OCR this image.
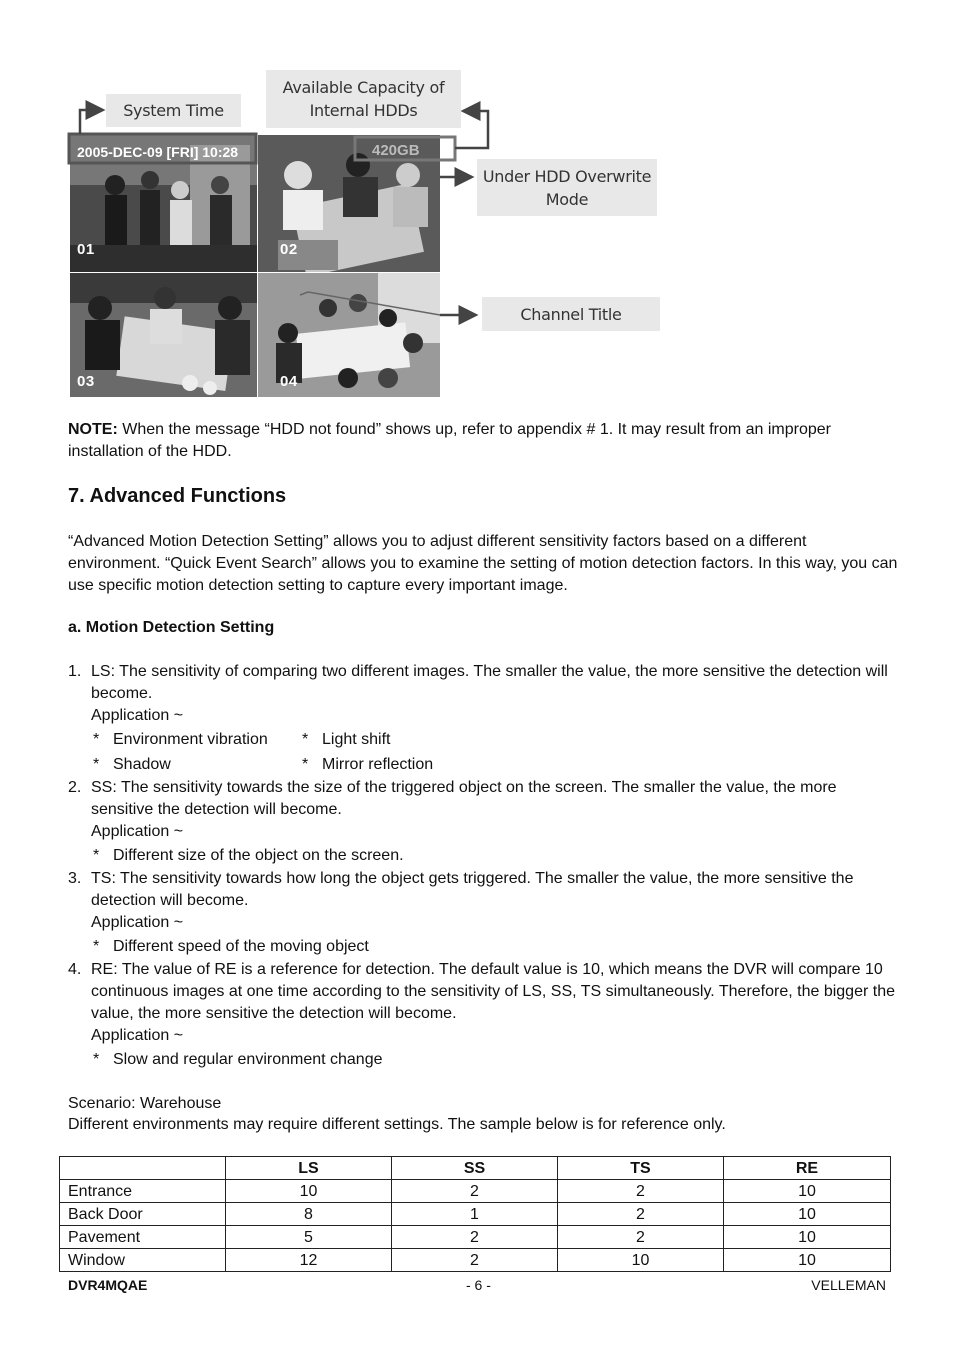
01	02
03	04
2005-DEC-09 [FRI] 10:28	420GB
System Time
Available Capacity of
Internal HDDs
Under HDD Overwrite
Mode
Channel Title

NOTE: When the message “HDD not found” shows up, refer to appendix # 1. It may result from an improper installation of the HDD.

7. Advanced Functions

“Advanced Motion Detection Setting” allows you to adjust different sensitivity factors based on a different environment. “Quick Event Search” allows you to examine the setting of motion detection factors. In this way, you can use specific motion detection setting to capture every important image.

a. Motion Detection Setting
1. LS: The sensitivity of comparing two different images. The smaller the value, the more sensitive the detection will become.

Application ~

* Environment vibration * Light shift
* Shadow	* Mirror reflection
2. SS: The sensitivity towards the size of the triggered object on the screen. The smaller the value, the more sensitive the detection will become.

Application ~

* Different size of the object on the screen.
3. TS: The sensitivity towards how long the object gets triggered. The smaller the value, the more sensitive the detection will become.

Application ~

* Different speed of the moving object
4. RE: The value of RE is a reference for detection. The default value is 10, which means the DVR will compare 10 continuous images at one time according to the sensitivity of LS, SS, TS simultaneously. Therefore, the bigger the value, the more sensitive the detection will become.

Application ~

* Slow and regular environment change

Scenario: Warehouse

Different environments may require different settings. The sample below is for reference only.

	LS	SS	TS	RE
Entrance	10	2	2	10
Back Door	8	1	2	10
Pavement	5	2	2	10
Window	12	2	10	10
DVR4MQAE	- 6 -	VELLEMAN
